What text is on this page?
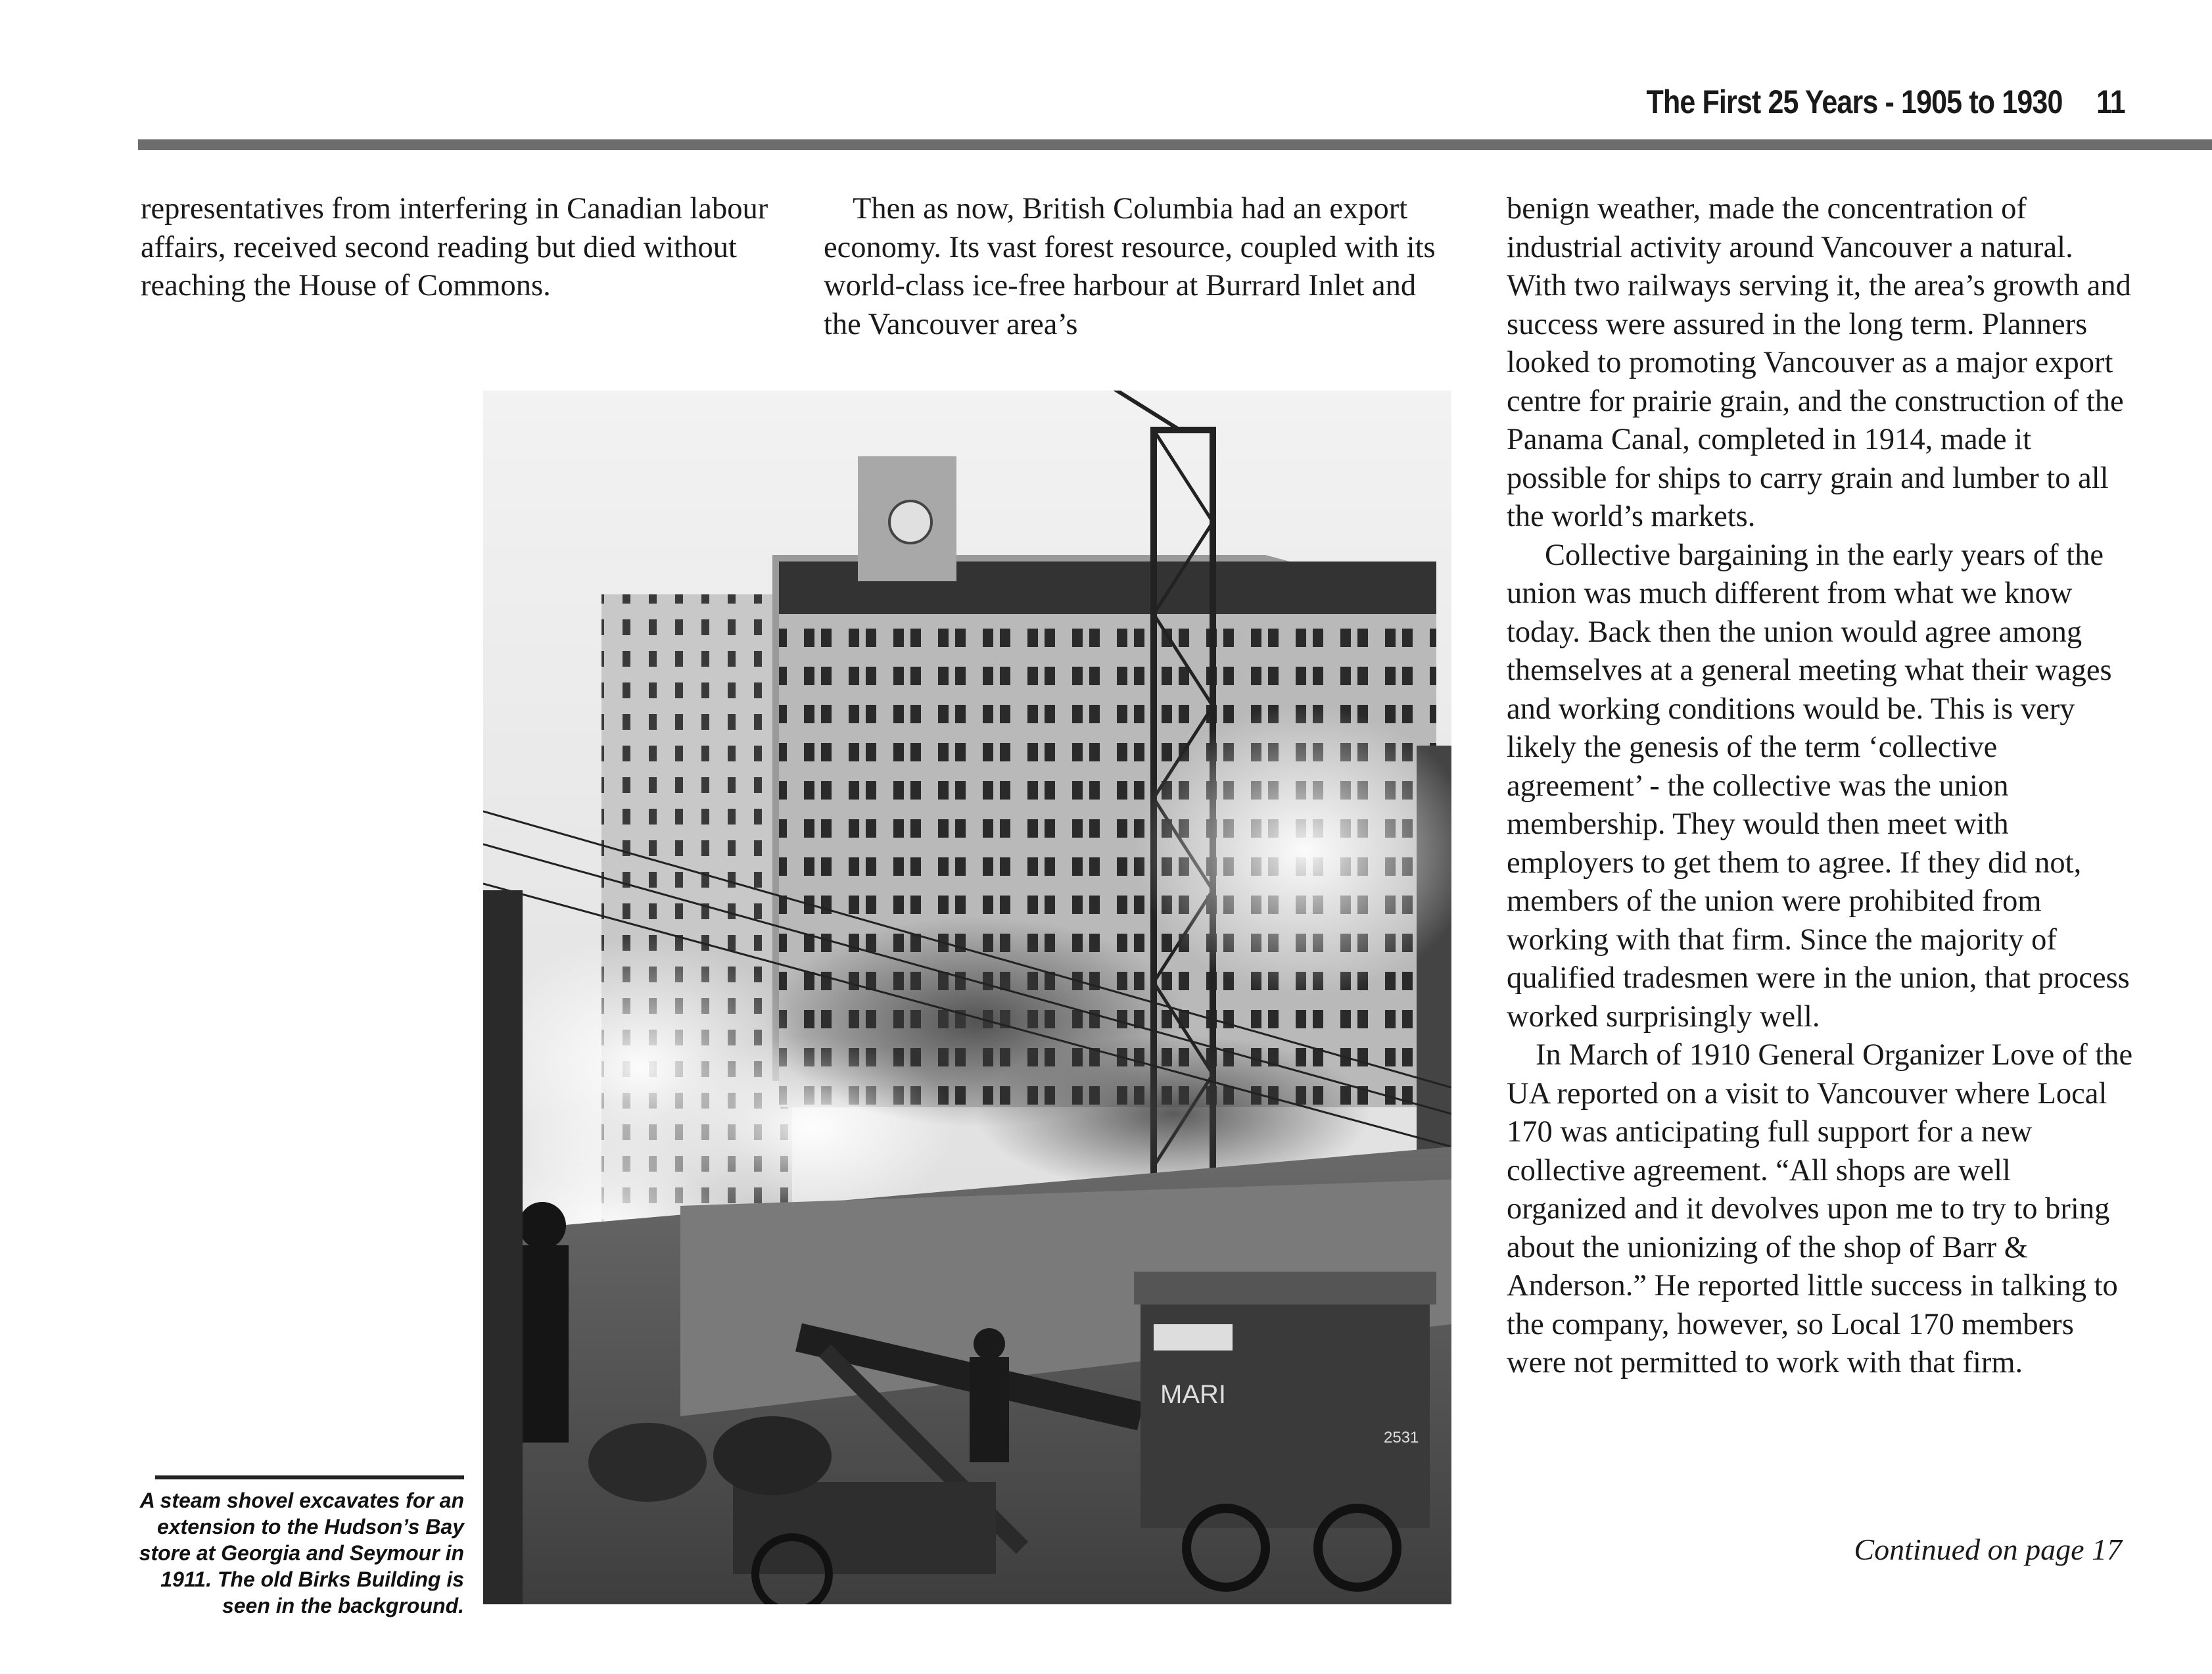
The First 25 Years - 1905 to 1930 11

representatives from interfering in Canadian labour affairs, received second reading but died without reaching the House of Commons.

Then as now, British Columbia had an export economy. Its vast forest resource, coupled with its world-class ice-free harbour at Burrard Inlet and the Vancouver area’s

benign weather, made the concentration of industrial activity around Vancouver a natural. With two railways serving it, the area’s growth and success were assured in the long term. Planners looked to promoting Vancouver as a major export centre for prairie grain, and the construction of the Panama Canal, completed in 1914, made it possible for ships to carry grain and lumber to all the world’s markets.

Collective bargaining in the early years of the union was much different from what we know today. Back then the union would agree among themselves at a general meeting what their wages and working conditions would be. This is very likely the genesis of the term ‘collective agreement’ - the collective was the union membership. They would then meet with employers to get them to agree. If they did not, members of the union were prohibited from working with that firm. Since the majority of qualified tradesmen were in the union, that process worked surprisingly well.

In March of 1910 General Organizer Love of the UA reported on a visit to Vancouver where Local 170 was anticipating full support for a new collective agreement. “All shops are well organized and it devolves upon me to try to bring about the unionizing of the shop of Barr & Anderson.” He reported little success in talking to the company, however, so Local 170 members were not permitted to work with that firm.

Continued on page 17
MARI
2531
A steam shovel excavates for an extension to the Hudson’s Bay store at Georgia and Seymour in 1911. The old Birks Building is seen in the background.
